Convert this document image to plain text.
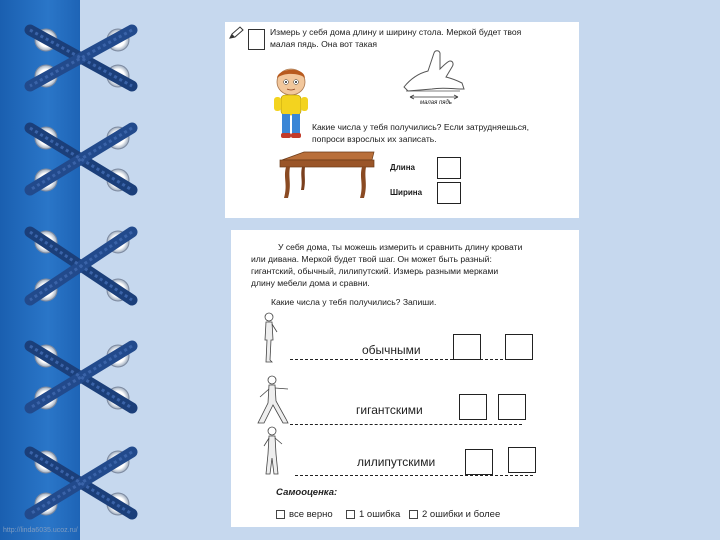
Измерь у себя дома длину и ширину стола. Меркой будет твоя
малая пядь. Она вот такая
малая пядь
Какие числа у тебя получились? Если затрудняешься,
попроси взрослых их записать.
Длина
Ширина
У себя дома, ты можешь измерить и сравнить длину кровати
или дивана. Меркой будет твой шаг. Он может быть разный:
гигантский, обычный, лилипутский. Измерь разными мерками
длину мебели дома и сравни.
Какие числа у тебя получились? Запиши.
обычными
гигантскими
лилипутскими
Самооценка:
все верно	1 ошибка	2 ошибки и более
http://linda6035.ucoz.ru/
